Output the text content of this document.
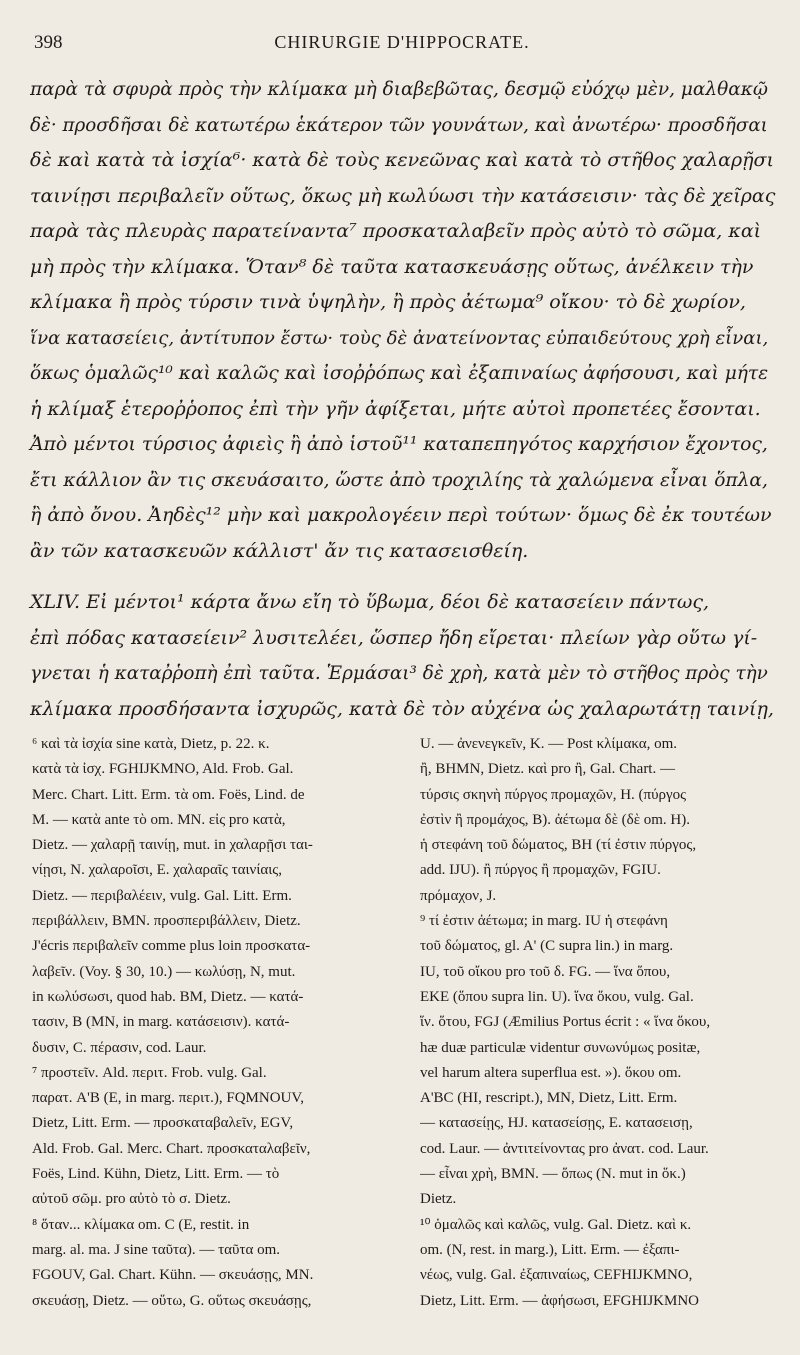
398	CHIRURGIE D'HIPPOCRATE.
παρὰ τὰ σφυρὰ πρὸς τὴν κλίμακα μὴ διαβεβῶτας, δεσμῷ εὐόχῳ μὲν, μαλθακῷ
δὲ· προσδῆσαι δὲ κατωτέρω ἑκάτερον τῶν γουνάτων, καὶ ἀνωτέρω· προσδῆσαι
δὲ καὶ κατὰ τὰ ἰσχία⁶· κατὰ δὲ τοὺς κενεῶνας καὶ κατὰ τὸ στῆθος χαλαρῇσι
ταινίῃσι περιβαλεῖν οὕτως, ὅκως μὴ κωλύωσι τὴν κατάσεισιν· τὰς δὲ χεῖρας
παρὰ τὰς πλευρὰς παρατείναντα⁷ προσκαταλαβεῖν πρὸς αὐτὸ τὸ σῶμα, καὶ
μὴ πρὸς τὴν κλίμακα. Ὅταν⁸ δὲ ταῦτα κατασκευάσῃς οὕτως, ἀνέλκειν τὴν
κλίμακα ἢ πρὸς τύρσιν τινὰ ὑψηλὴν, ἢ πρὸς ἀέτωμα⁹ οἴκου· τὸ δὲ χωρίον,
ἵνα κατασείεις, ἀντίτυπον ἔστω· τοὺς δὲ ἀνατείνοντας εὐπαιδεύτους χρὴ εἶναι,
ὅκως ὁμαλῶς¹⁰ καὶ καλῶς καὶ ἰσοῤῥόπως καὶ ἐξαπιναίως ἀφήσουσι, καὶ μήτε
ἡ κλίμαξ ἑτεροῤῥοπος ἐπὶ τὴν γῆν ἀφίξεται, μήτε αὐτοὶ προπετέες ἔσονται.
Ἀπὸ μέντοι τύρσιος ἀφιεὶς ἢ ἀπὸ ἱστοῦ¹¹ καταπεπηγότος καρχήσιον ἔχοντος,
ἔτι κάλλιον ἂν τις σκευάσαιτο, ὥστε ἀπὸ τροχιλίης τὰ χαλώμενα εἶναι ὅπλα,
ἢ ἀπὸ ὄνου. Ἀηδὲς¹² μὴν καὶ μακρολογέειν περὶ τούτων· ὅμως δὲ ἐκ τουτέων
ἂν τῶν κατασκευῶν κάλλιστ' ἄν τις κατασεισθείη.
XLIV. Εἰ μέντοι¹ κάρτα ἄνω εἴη τὸ ὕβωμα, δέοι δὲ κατασείειν πάντως,
ἐπὶ πόδας κατασείειν² λυσιτελέει, ὥσπερ ἤδη εἴρεται· πλείων γὰρ οὕτω γί-
γνεται ἡ καταῤῥοπὴ ἐπὶ ταῦτα. Ἑρμάσαι³ δὲ χρὴ, κατὰ μὲν τὸ στῆθος πρὸς τὴν
κλίμακα προσδήσαντα ἰσχυρῶς, κατὰ δὲ τὸν αὐχένα ὡς χαλαρωτάτῃ ταινίῃ,
⁶ καὶ τὰ ἰσχία sine κατὰ, Dietz, p. 22. κ.
κατὰ τὰ ἰσχ. FGHIJKMNO, Ald. Frob. Gal.
Merc. Chart. Litt. Erm. τὰ om. Foës, Lind. de
M. — κατὰ ante τὸ om. MN. εἰς pro κατὰ,
Dietz. — χαλαρῇ ταινίῃ, mut. in χαλαρῇσι ται-
νίῃσι, N. χαλαροῖσι, E. χαλαραῖς ταινίαις,
Dietz. — περιβαλέειν, vulg. Gal. Litt. Erm.
περιβάλλειν, BMN. προσπεριβάλλειν, Dietz.
J'écris περιβαλεῖν comme plus loin προσκατα-
λαβεῖν. (Voy. § 30, 10.) — κωλύσῃ, N, mut.
in κωλύσωσι, quod hab. BM, Dietz. — κατά-
τασιν, B (MN, in marg. κατάσεισιν). κατά-
δυσιν, C. πέρασιν, cod. Laur.
⁷ προστεῖν. Ald. περιτ. Frob. vulg. Gal.
παρατ. A'B (E, in marg. περιτ.), FQMNOUV,
Dietz, Litt. Erm. — προσκαταβαλεῖν, EGV,
Ald. Frob. Gal. Merc. Chart. προσκαταλαβεῖν,
Foës, Lind. Kühn, Dietz, Litt. Erm. — τὸ
αὐτοῦ σῶμ. pro αὐτὸ τὸ σ. Dietz.
⁸ ὅταν... κλίμακα om. C (E, restit. in
marg. al. ma. J sine ταῦτα). — ταῦτα om.
FGOUV, Gal. Chart. Kühn. — σκευάσῃς, MN.
σκευάσῃ, Dietz. — οὕτω, G. οὕτως σκευάσῃς,
U. — ἀνενεγκεῖν, K. — Post κλίμακα, om.
ἢ, BHMN, Dietz. καὶ pro ἢ, Gal. Chart. —
τύρσις σκηνὴ πύργος προμαχῶν, H. (πύργος
ἐστὶν ἢ προμάχος, B). ἀέτωμα δὲ (δὲ om. H).
ἡ στεφάνη τοῦ δώματος, BH (τί ἐστιν πύργος,
add. IJU). ἢ πύργος ἢ προμαχῶν, FGIU.
πρόμαχον, J.
⁹ τί ἐστιν ἀέτωμα; in marg. IU ἡ στεφάνη
τοῦ δώματος, gl. A' (C supra lin.) in marg.
IU, τοῦ οἴκου pro τοῦ δ. FG. — ἵνα ὅπου,
EKE (ὅπου supra lin. U). ἵνα ὅκου, vulg. Gal.
ἵν. ὅτου, FGJ (Æmilius Portus écrit : « ἵνα ὅκου,
hæ duæ particulæ videntur συνωνύμως positæ,
vel harum altera superflua est. »). ὅκου om.
A'BC (HI, rescript.), MN, Dietz, Litt. Erm.
— κατασείῃς, HJ. κατασείσῃς, E. κατασεισῃ,
cod. Laur. — ἀντιτείνοντας pro ἀνατ. cod. Laur.
— εἶναι χρὴ, BMN. — ὅπως (N. mut in ὅκ.)
Dietz.
¹⁰ ὁμαλῶς καὶ καλῶς, vulg. Gal. Dietz. καὶ κ.
om. (N, rest. in marg.), Litt. Erm. — ἐξαπι-
νέως, vulg. Gal. ἐξαπιναίως, CEFHIJKMNO,
Dietz, Litt. Erm. — ἀφήσωσι, EFGHIJKMNO
